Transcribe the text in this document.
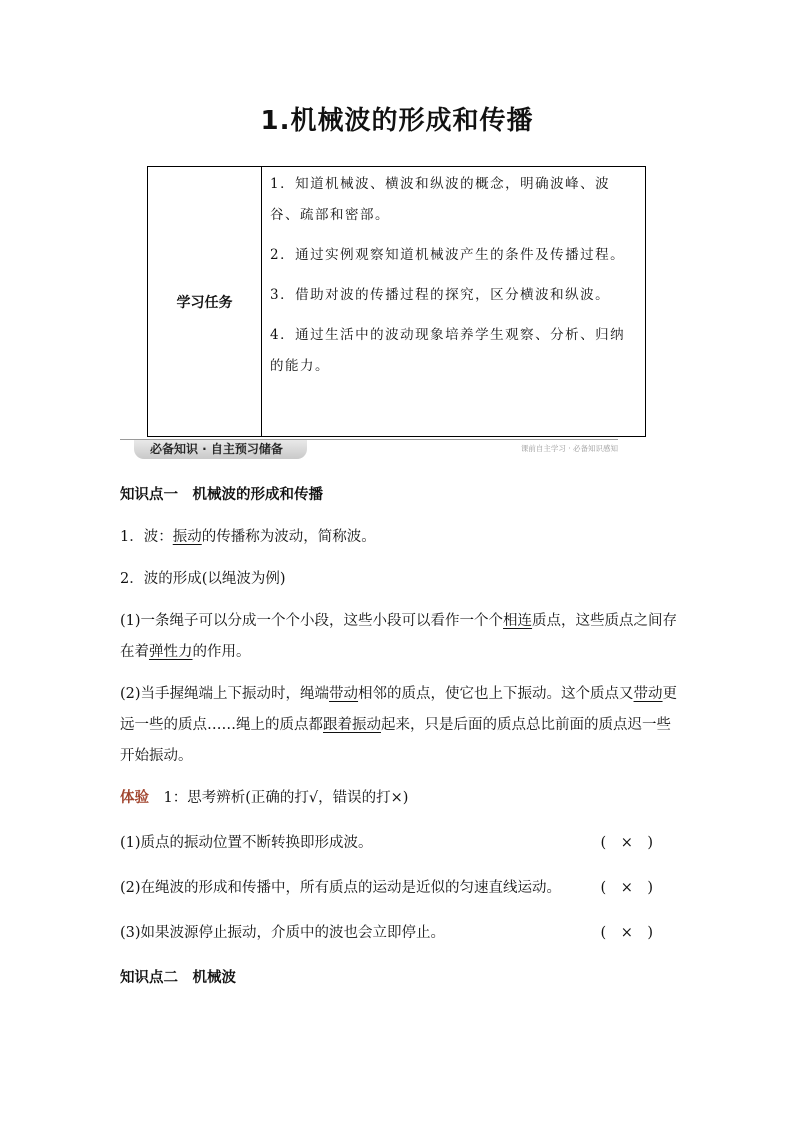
1.机械波的形成和传播
学习任务

1．知道机械波、横波和纵波的概念，明确波峰、波谷、疏部和密部。

2．通过实例观察知道机械波产生的条件及传播过程。

3．借助对波的传播过程的探究，区分横波和纵波。

4．通过生活中的波动现象培养学生观察、分析、归纳的能力。

必备知识 · 自主预习储备	课前自主学习 · 必备知识感知

知识点一　机械波的形成和传播

1．波：振动的传播称为波动，简称波。

2．波的形成(以绳波为例)

(1)一条绳子可以分成一个个小段，这些小段可以看作一个个相连质点，这些质点之间存在着弹性力的作用。

(2)当手握绳端上下振动时，绳端带动相邻的质点，使它也上下振动。这个质点又带动更远一些的质点……绳上的质点都跟着振动起来，只是后面的质点总比前面的质点迟一些开始振动。

体验　1：思考辨析(正确的打√，错误的打×)

(1)质点的振动位置不断转换即形成波。	(　×　)

(2)在绳波的形成和传播中，所有质点的运动是近似的匀速直线运动。	(　×　)

(3)如果波源停止振动，介质中的波也会立即停止。	(　×　)

知识点二　机械波
